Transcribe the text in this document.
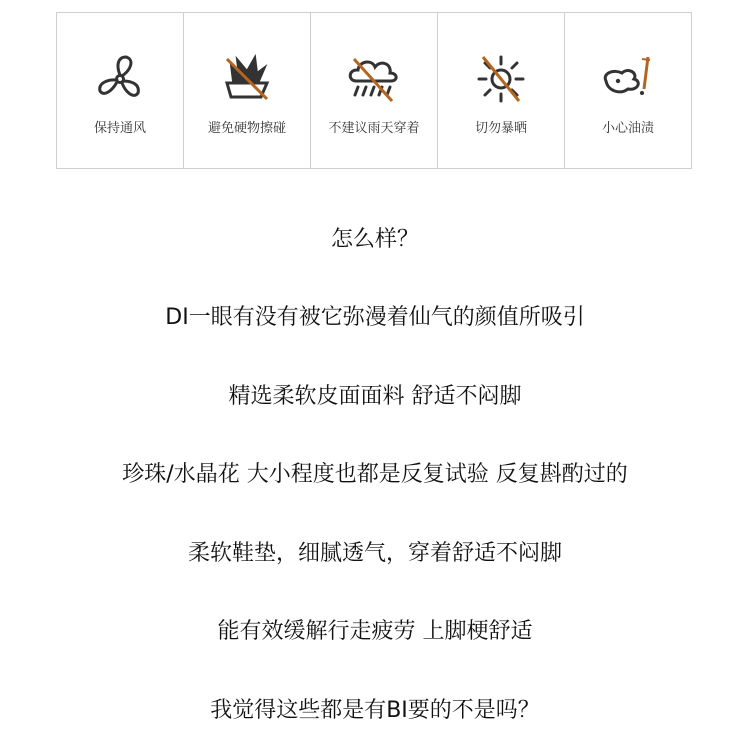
保持通风	避免硬物擦碰	不建议雨天穿着	切勿暴晒	小心油渍
怎么样？
DI一眼有没有被它弥漫着仙气的颜值所吸引
精选柔软皮面面料 舒适不闷脚
珍珠/水晶花 大小程度也都是反复试验 反复斟酌过的
柔软鞋垫，细腻透气，穿着舒适不闷脚
能有效缓解行走疲劳 上脚梗舒适
我觉得这些都是有BI要的不是吗？
